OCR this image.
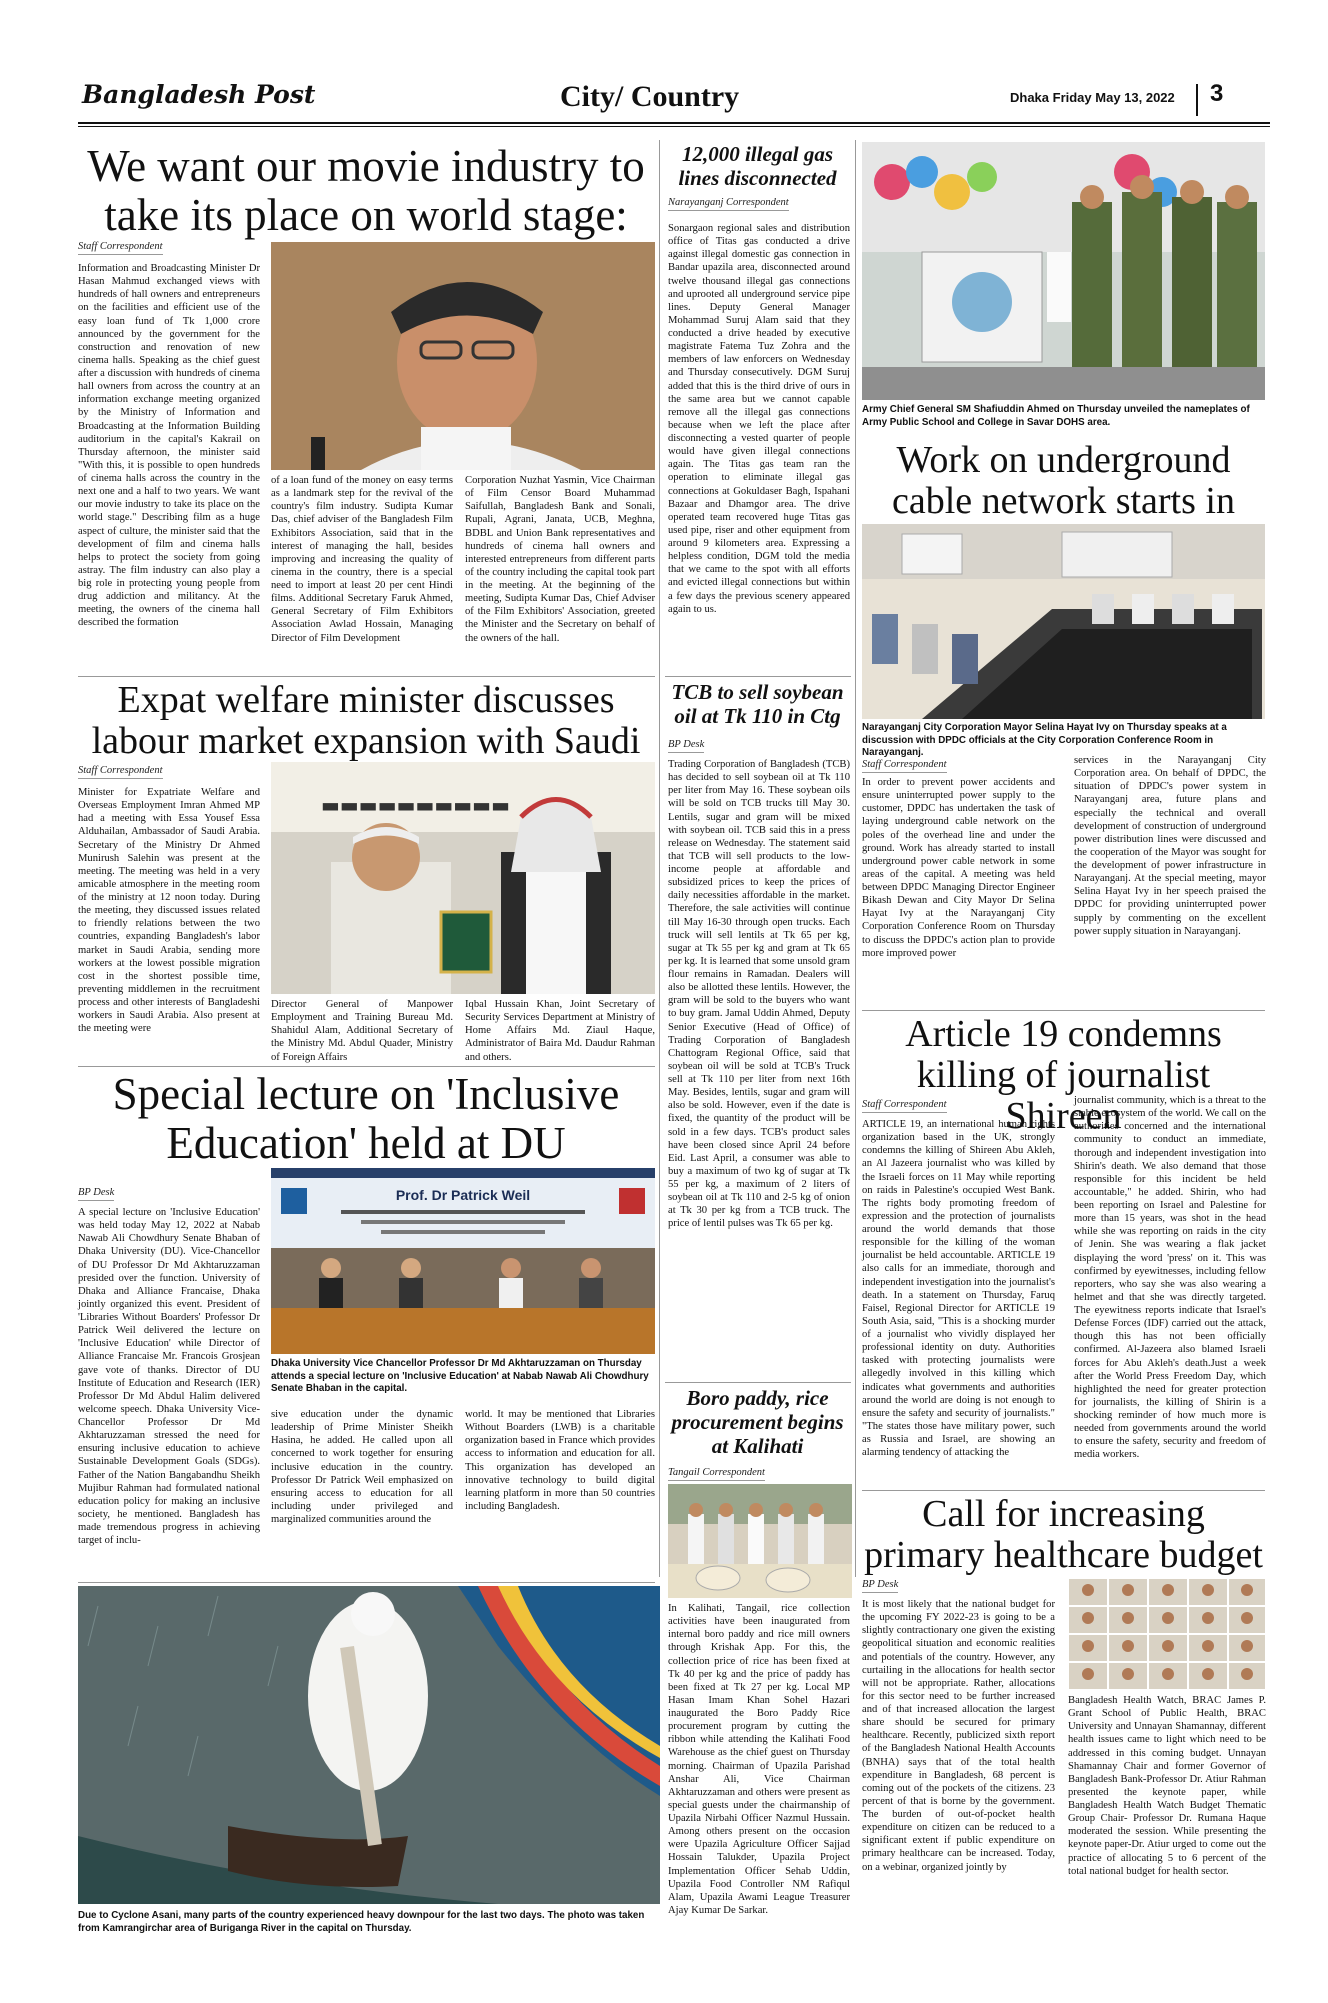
Bangladesh Post	City/ Country	Dhaka Friday May 13, 2022 3
We want our movie industry to take its place on world stage:
Staff Correspondent
Information and Broadcasting Minister Dr Hasan Mahmud exchanged views with hundreds of hall owners and entrepreneurs on the facilities and efficient use of the easy loan fund of Tk 1,000 crore announced by the government for the construction and renovation of new cinema halls. Speaking as the chief guest after a discussion with hundreds of cinema hall owners from across the country at an information exchange meeting organized by the Ministry of Information and Broadcasting at the Information Building auditorium in the capital's Kakrail on Thursday afternoon, the minister said "With this, it is possible to open hundreds of cinema halls across the country in the next one and a half to two years. We want our movie industry to take its place on the world stage." Describing film as a huge aspect of culture, the minister said that the development of film and cinema halls helps to protect the society from going astray. The film industry can also play a big role in protecting young people from drug addiction and militancy. At the meeting, the owners of the cinema hall described the formation
of a loan fund of the money on easy terms as a landmark step for the revival of the country's film industry. Sudipta Kumar Das, chief adviser of the Bangladesh Film Exhibitors Association, said that in the interest of managing the hall, besides improving and increasing the quality of cinema in the country, there is a special need to import at least 20 per cent Hindi films. Additional Secretary Faruk Ahmed, General Secretary of Film Exhibitors Association Awlad Hossain, Managing Director of Film Development
Corporation Nuzhat Yasmin, Vice Chairman of Film Censor Board Muhammad Saifullah, Bangladesh Bank and Sonali, Rupali, Agrani, Janata, UCB, Meghna, BDBL and Union Bank representatives and hundreds of cinema hall owners and interested entrepreneurs from different parts of the country including the capital took part in the meeting. At the beginning of the meeting, Sudipta Kumar Das, Chief Adviser of the Film Exhibitors' Association, greeted the Minister and the Secretary on behalf of the owners of the hall.
12,000 illegal gas lines disconnected
Narayanganj Correspondent
Sonargaon regional sales and distribution office of Titas gas conducted a drive against illegal domestic gas connection in Bandar upazila area, disconnected around twelve thousand illegal gas connections and uprooted all underground service pipe lines. Deputy General Manager Mohammad Suruj Alam said that they conducted a drive headed by executive magistrate Fatema Tuz Zohra and the members of law enforcers on Wednesday and Thursday consecutively. DGM Suruj added that this is the third drive of ours in the same area but we cannot capable remove all the illegal gas connections because when we left the place after disconnecting a vested quarter of people would have given illegal connections again. The Titas gas team ran the operation to eliminate illegal gas connections at Gokuldaser Bagh, Ispahani Bazaar and Dhamgor area. The drive operated team recovered huge Titas gas used pipe, riser and other equipment from around 9 kilometers area. Expressing a helpless condition, DGM told the media that we came to the spot with all efforts and evicted illegal connections but within a few days the previous scenery appeared again to us.
Army Chief General SM Shafiuddin Ahmed on Thursday unveiled the nameplates of Army Public School and College in Savar DOHS area.
Work on underground cable network starts in
Narayanganj City Corporation Mayor Selina Hayat Ivy on Thursday speaks at a discussion with DPDC officials at the City Corporation Conference Room in Narayanganj.
Staff Correspondent
In order to prevent power accidents and ensure uninterrupted power supply to the customer, DPDC has undertaken the task of laying underground cable network on the poles of the overhead line and under the ground. Work has already started to install underground power cable network in some areas of the capital. A meeting was held between DPDC Managing Director Engineer Bikash Dewan and City Mayor Dr Selina Hayat Ivy at the Narayanganj City Corporation Conference Room on Thursday to discuss the DPDC's action plan to provide more improved power
services in the Narayanganj City Corporation area. On behalf of DPDC, the situation of DPDC's power system in Narayanganj area, future plans and especially the technical and overall development of construction of underground power distribution lines were discussed and the cooperation of the Mayor was sought for the development of power infrastructure in Narayanganj. At the special meeting, mayor Selina Hayat Ivy in her speech praised the DPDC for providing uninterrupted power supply by commenting on the excellent power supply situation in Narayanganj.
Expat welfare minister discusses labour market expansion with Saudi
Staff Correspondent
Minister for Expatriate Welfare and Overseas Employment Imran Ahmed MP had a meeting with Essa Yousef Essa Alduhailan, Ambassador of Saudi Arabia. Secretary of the Ministry Dr Ahmed Munirush Salehin was present at the meeting. The meeting was held in a very amicable atmosphere in the meeting room of the ministry at 12 noon today. During the meeting, they discussed issues related to friendly relations between the two countries, expanding Bangladesh's labor market in Saudi Arabia, sending more workers at the lowest possible migration cost in the shortest possible time, preventing middlemen in the recruitment process and other interests of Bangladeshi workers in Saudi Arabia. Also present at the meeting were
▬▬▬▬▬▬▬▬▬▬
Director General of Manpower Employment and Training Bureau Md. Shahidul Alam, Additional Secretary of the Ministry Md. Abdul Quader, Ministry of Foreign Affairs
Iqbal Hussain Khan, Joint Secretary of Security Services Department at Ministry of Home Affairs Md. Ziaul Haque, Administrator of Baira Md. Daudur Rahman and others.
TCB to sell soybean oil at Tk 110 in Ctg
BP Desk
Trading Corporation of Bangladesh (TCB) has decided to sell soybean oil at Tk 110 per liter from May 16. These soybean oils will be sold on TCB trucks till May 30. Lentils, sugar and gram will be mixed with soybean oil. TCB said this in a press release on Wednesday. The statement said that TCB will sell products to the low-income people at affordable and subsidized prices to keep the prices of daily necessities affordable in the market. Therefore, the sale activities will continue till May 16-30 through open trucks. Each truck will sell lentils at Tk 65 per kg, sugar at Tk 55 per kg and gram at Tk 65 per kg. It is learned that some unsold gram flour remains in Ramadan. Dealers will also be allotted these lentils. However, the gram will be sold to the buyers who want to buy gram. Jamal Uddin Ahmed, Deputy Senior Executive (Head of Office) of Trading Corporation of Bangladesh Chattogram Regional Office, said that soybean oil will be sold at TCB's Truck sell at Tk 110 per liter from next 16th May. Besides, lentils, sugar and gram will also be sold. However, even if the date is fixed, the quantity of the product will be sold in a few days. TCB's product sales have been closed since April 24 before Eid. Last April, a consumer was able to buy a maximum of two kg of sugar at Tk 55 per kg, a maximum of 2 liters of soybean oil at Tk 110 and 2-5 kg of onion at Tk 30 per kg from a TCB truck. The price of lentil pulses was Tk 65 per kg.
Article 19 condemns killing of journalist Shireen
Staff Correspondent
ARTICLE 19, an international human rights organization based in the UK, strongly condemns the killing of Shireen Abu Akleh, an Al Jazeera journalist who was killed by the Israeli forces on 11 May while reporting on raids in Palestine's occupied West Bank. The rights body promoting freedom of expression and the protection of journalists around the world demands that those responsible for the killing of the woman journalist be held accountable. ARTICLE 19 also calls for an immediate, thorough and independent investigation into the journalist's death. In a statement on Thursday, Faruq Faisel, Regional Director for ARTICLE 19 South Asia, said, "This is a shocking murder of a journalist who vividly displayed her professional identity on duty. Authorities tasked with protecting journalists were allegedly involved in this killing which indicates what governments and authorities around the world are doing is not enough to ensure the safety and security of journalists." "The states those have military power, such as Russia and Israel, are showing an alarming tendency of attacking the
journalist community, which is a threat to the stable ecosystem of the world. We call on the authorities concerned and the international community to conduct an immediate, thorough and independent investigation into Shirin's death. We also demand that those responsible for this incident be held accountable," he added. Shirin, who had been reporting on Israel and Palestine for more than 15 years, was shot in the head while she was reporting on raids in the city of Jenin. She was wearing a flak jacket displaying the word 'press' on it. This was confirmed by eyewitnesses, including fellow reporters, who say she was also wearing a helmet and that she was directly targeted. The eyewitness reports indicate that Israel's Defense Forces (IDF) carried out the attack, though this has not been officially confirmed. Al-Jazeera also blamed Israeli forces for Abu Akleh's death.Just a week after the World Press Freedom Day, which highlighted the need for greater protection for journalists, the killing of Shirin is a shocking reminder of how much more is needed from governments around the world to ensure the safety, security and freedom of media workers.
Special lecture on 'Inclusive Education' held at DU
BP Desk
A special lecture on 'Inclusive Education' was held today May 12, 2022 at Nabab Nawab Ali Chowdhury Senate Bhaban of Dhaka University (DU). Vice-Chancellor of DU Professor Dr Md Akhtaruzzaman presided over the function. University of Dhaka and Alliance Francaise, Dhaka jointly organized this event. President of 'Libraries Without Boarders' Professor Dr Patrick Weil delivered the lecture on 'Inclusive Education' while Director of Alliance Francaise Mr. Francois Grosjean gave vote of thanks. Director of DU Institute of Education and Research (IER) Professor Dr Md Abdul Halim delivered welcome speech. Dhaka University Vice-Chancellor Professor Dr Md Akhtaruzzaman stressed the need for ensuring inclusive education to achieve Sustainable Development Goals (SDGs). Father of the Nation Bangabandhu Sheikh Mujibur Rahman had formulated national education policy for making an inclusive society, he mentioned. Bangladesh has made tremendous progress in achieving target of inclu-
Prof. Dr Patrick Weil
Dhaka University Vice Chancellor Professor Dr Md Akhtaruzzaman on Thursday attends a special lecture on 'Inclusive Education' at Nabab Nawab Ali Chowdhury Senate Bhaban in the capital.
sive education under the dynamic leadership of Prime Minister Sheikh Hasina, he added. He called upon all concerned to work together for ensuring inclusive education in the country. Professor Dr Patrick Weil emphasized on ensuring access to education for all including under privileged and marginalized communities around the
world. It may be mentioned that Libraries Without Boarders (LWB) is a charitable organization based in France which provides access to information and education for all. This organization has developed an innovative technology to build digital learning platform in more than 50 countries including Bangladesh.
Boro paddy, rice procurement begins at Kalihati
Tangail Correspondent
In Kalihati, Tangail, rice collection activities have been inaugurated from internal boro paddy and rice mill owners through Krishak App. For this, the collection price of rice has been fixed at Tk 40 per kg and the price of paddy has been fixed at Tk 27 per kg. Local MP Hasan Imam Khan Sohel Hazari inaugurated the Boro Paddy Rice procurement program by cutting the ribbon while attending the Kalihati Food Warehouse as the chief guest on Thursday morning. Chairman of Upazila Parishad Anshar Ali, Vice Chairman Akhtaruzzaman and others were present as special guests under the chairmanship of Upazila Nirbahi Officer Nazmul Hussain. Among others present on the occasion were Upazila Agriculture Officer Sajjad Hossain Talukder, Upazila Project Implementation Officer Sehab Uddin, Upazila Food Controller NM Rafiqul Alam, Upazila Awami League Treasurer Ajay Kumar De Sarkar.
Call for increasing primary healthcare budget
BP Desk
It is most likely that the national budget for the upcoming FY 2022-23 is going to be a slightly contractionary one given the existing geopolitical situation and economic realities and potentials of the country. However, any curtailing in the allocations for health sector will not be appropriate. Rather, allocations for this sector need to be further increased and of that increased allocation the largest share should be secured for primary healthcare. Recently, publicized sixth report of the Bangladesh National Health Accounts (BNHA) says that of the total health expenditure in Bangladesh, 68 percent is coming out of the pockets of the citizens. 23 percent of that is borne by the government. The burden of out-of-pocket health expenditure on citizen can be reduced to a significant extent if public expenditure on primary healthcare can be increased. Today, on a webinar, organized jointly by
Bangladesh Health Watch, BRAC James P. Grant School of Public Health, BRAC University and Unnayan Shamannay, different health issues came to light which need to be addressed in this coming budget. Unnayan Shamannay Chair and former Governor of Bangladesh Bank-Professor Dr. Atiur Rahman presented the keynote paper, while Bangladesh Health Watch Budget Thematic Group Chair- Professor Dr. Rumana Haque moderated the session. While presenting the keynote paper-Dr. Atiur urged to come out the practice of allocating 5 to 6 percent of the total national budget for health sector.
Due to Cyclone Asani, many parts of the country experienced heavy downpour for the last two days. The photo was taken from Kamrangirchar area of Buriganga River in the capital on Thursday.
